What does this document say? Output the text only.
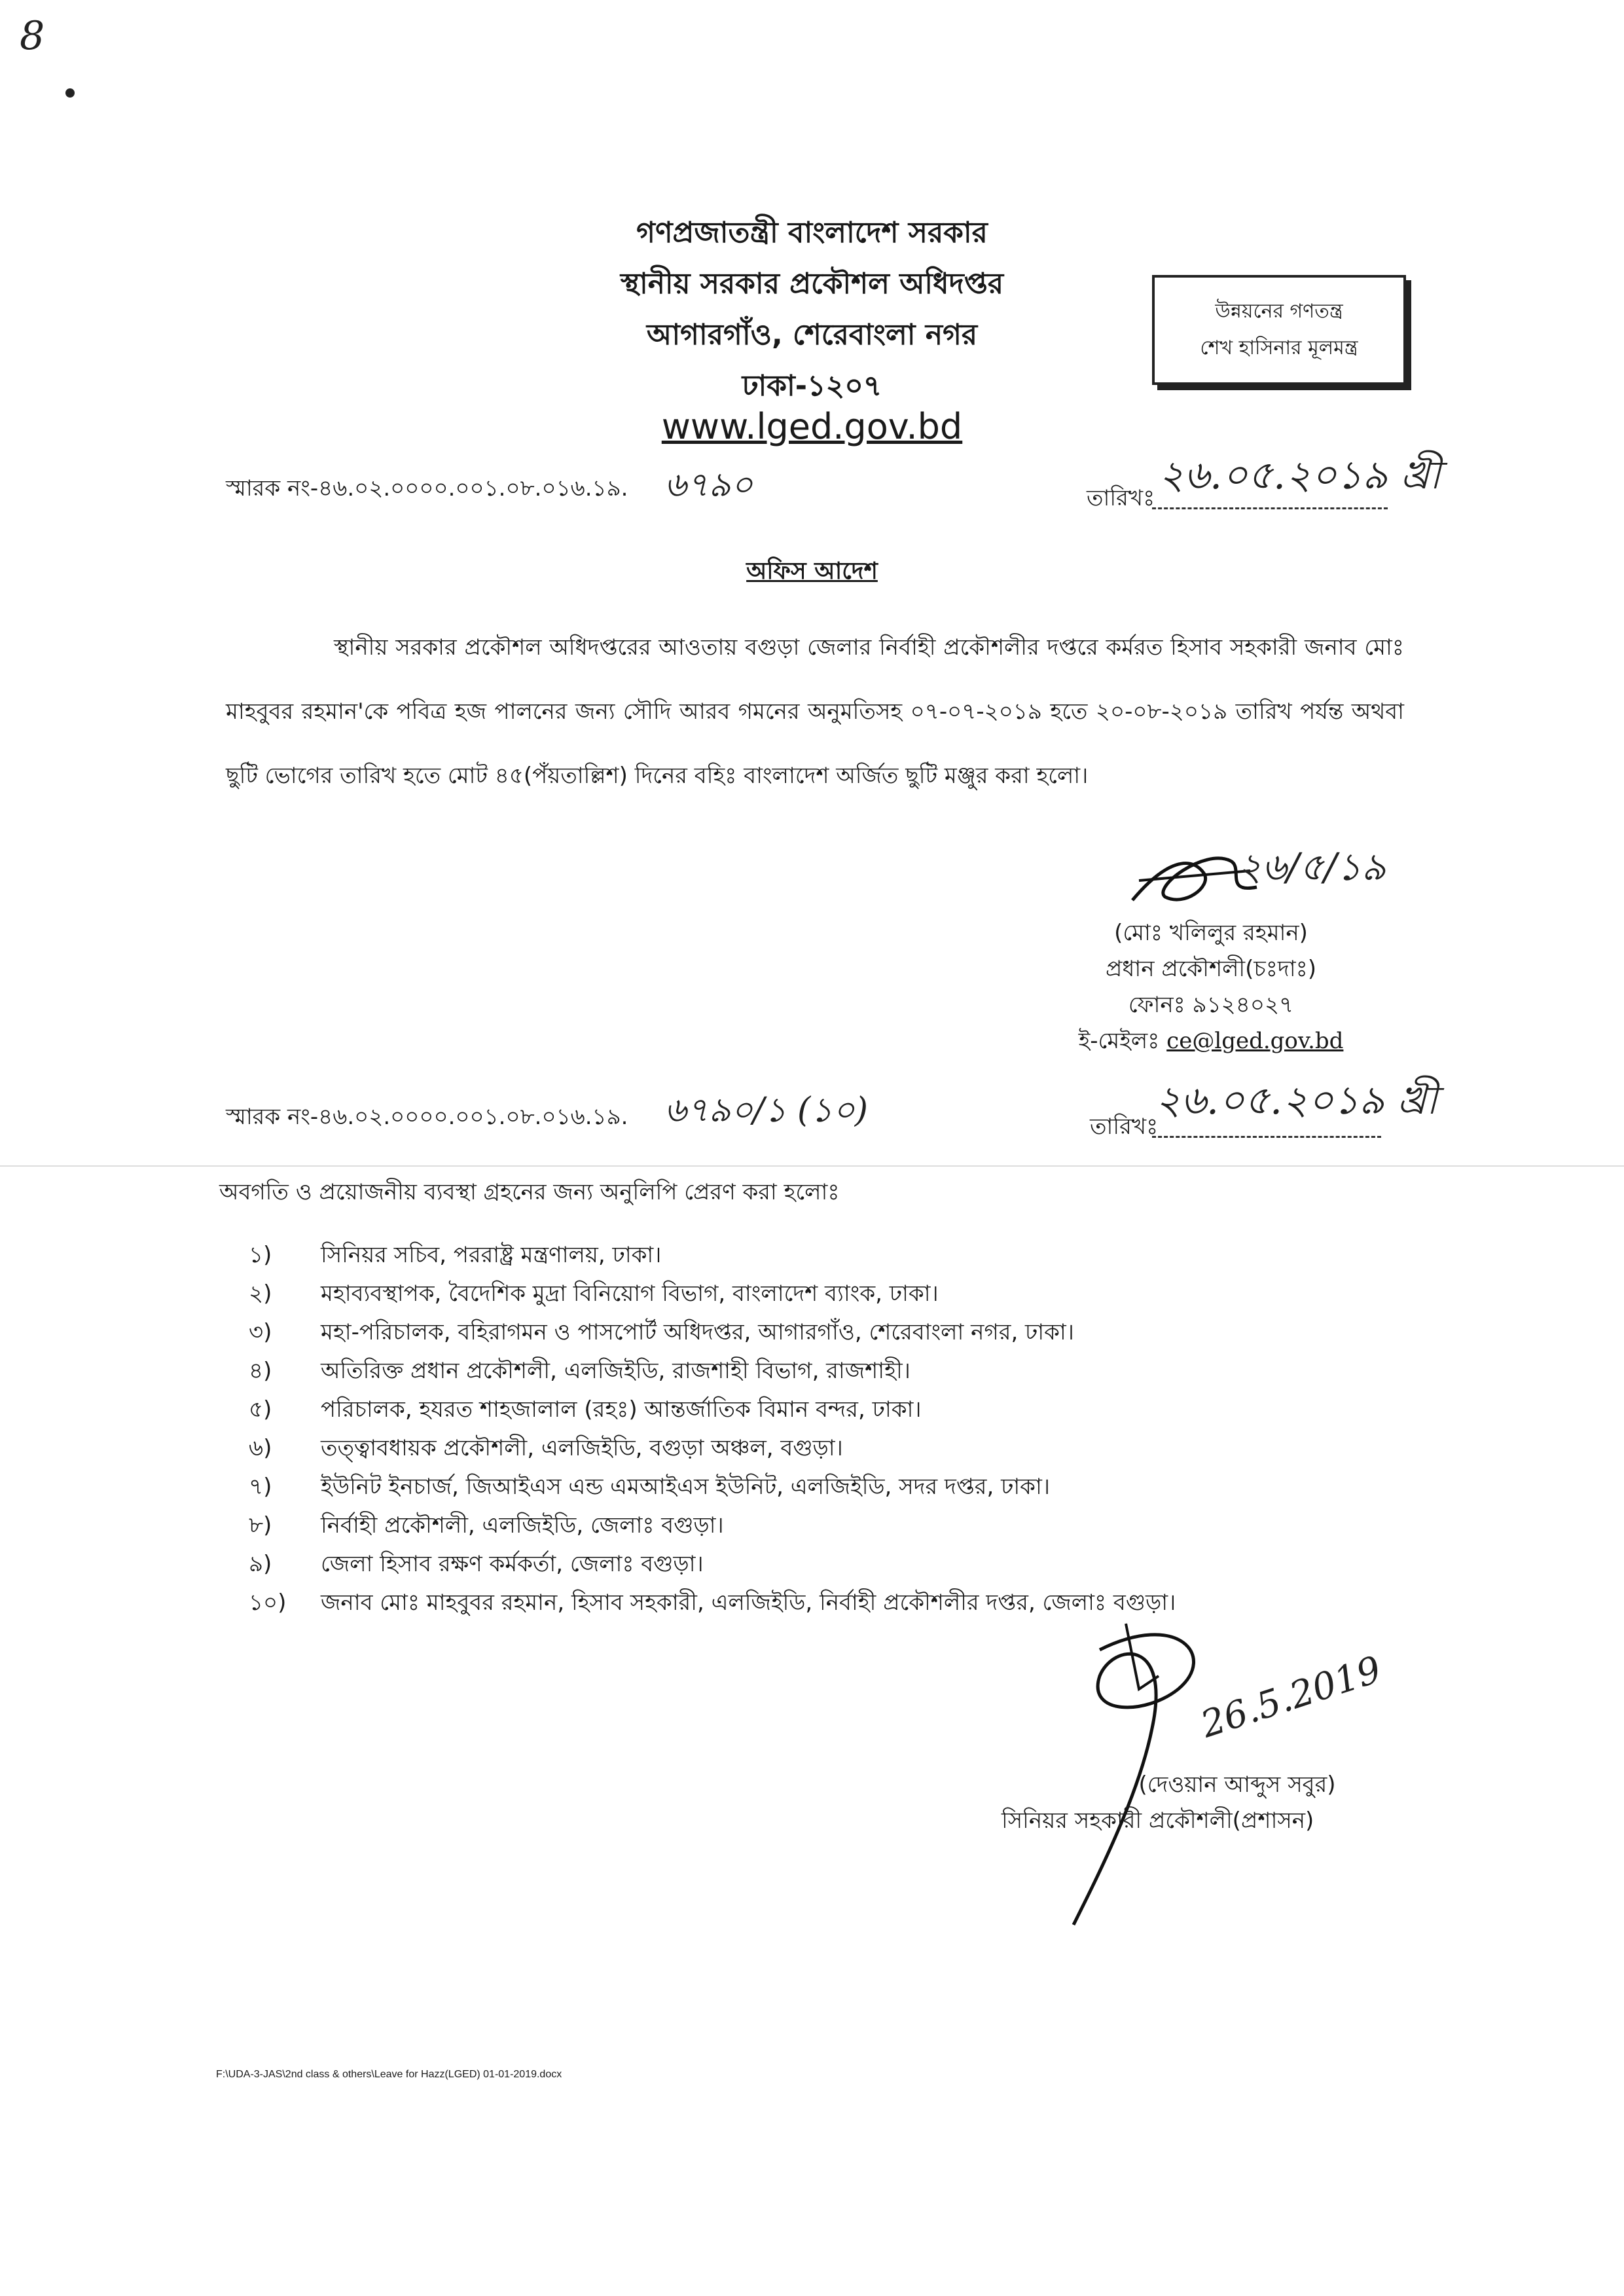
8
গণপ্রজাতন্ত্রী বাংলাদেশ সরকার
স্থানীয় সরকার প্রকৌশল অধিদপ্তর
আগারগাঁও, শেরেবাংলা নগর
ঢাকা-১২০৭
www.lged.gov.bd
উন্নয়নের গণতন্ত্র
শেখ হাসিনার মূলমন্ত্র
স্মারক নং-৪৬.০২.০০০০.০০১.০৮.০১৬.১৯. ৬৭৯০	তারিখঃ ২৬.০৫.২০১৯ খ্রী
অফিস আদেশ
স্থানীয় সরকার প্রকৌশল অধিদপ্তরের আওতায় বগুড়া জেলার নির্বাহী প্রকৌশলীর দপ্তরে কর্মরত হিসাব সহকারী জনাব মোঃ মাহবুবর রহমান'কে পবিত্র হজ পালনের জন্য সৌদি আরব গমনের অনুমতিসহ ০৭-০৭-২০১৯ হতে ২০-০৮-২০১৯ তারিখ পর্যন্ত অথবা ছুটি ভোগের তারিখ হতে মোট ৪৫(পঁয়তাল্লিশ) দিনের বহিঃ বাংলাদেশ অর্জিত ছুটি মঞ্জুর করা হলো।
২৬/৫/১৯
(মোঃ খলিলুর রহমান)
প্রধান প্রকৌশলী(চঃদাঃ)
ফোনঃ ৯১২৪০২৭
ই-মেইলঃ ce@lged.gov.bd
স্মারক নং-৪৬.০২.০০০০.০০১.০৮.০১৬.১৯. ৬৭৯০/১ (১০)	তারিখঃ
২৬.০৫.২০১৯ খ্রী
অবগতি ও প্রয়োজনীয় ব্যবস্থা গ্রহনের জন্য অনুলিপি প্রেরণ করা হলোঃ
১)	সিনিয়র সচিব, পররাষ্ট্র মন্ত্রণালয়, ঢাকা।
২)	মহাব্যবস্থাপক, বৈদেশিক মুদ্রা বিনিয়োগ বিভাগ, বাংলাদেশ ব্যাংক, ঢাকা।
৩)	মহা-পরিচালক, বহিরাগমন ও পাসপোর্ট অধিদপ্তর, আগারগাঁও, শেরেবাংলা নগর, ঢাকা।
৪)	অতিরিক্ত প্রধান প্রকৌশলী, এলজিইডি, রাজশাহী বিভাগ, রাজশাহী।
৫)	পরিচালক, হযরত শাহজালাল (রহঃ) আন্তর্জাতিক বিমান বন্দর, ঢাকা।
৬)	তত্ত্বাবধায়ক প্রকৌশলী, এলজিইডি, বগুড়া অঞ্চল, বগুড়া।
৭)	ইউনিট ইনচার্জ, জিআইএস এন্ড এমআইএস ইউনিট, এলজিইডি, সদর দপ্তর, ঢাকা।
৮)	নির্বাহী প্রকৌশলী, এলজিইডি, জেলাঃ বগুড়া।
৯)	জেলা হিসাব রক্ষণ কর্মকর্তা, জেলাঃ বগুড়া।
১০)	জনাব মোঃ মাহবুবর রহমান, হিসাব সহকারী, এলজিইডি, নির্বাহী প্রকৌশলীর দপ্তর, জেলাঃ বগুড়া।
26.5.2019
(দেওয়ান আব্দুস সবুর)
সিনিয়র সহকারী প্রকৌশলী(প্রশাসন)
F:\UDA-3-JAS\2nd class & others\Leave for Hazz(LGED) 01-01-2019.docx
